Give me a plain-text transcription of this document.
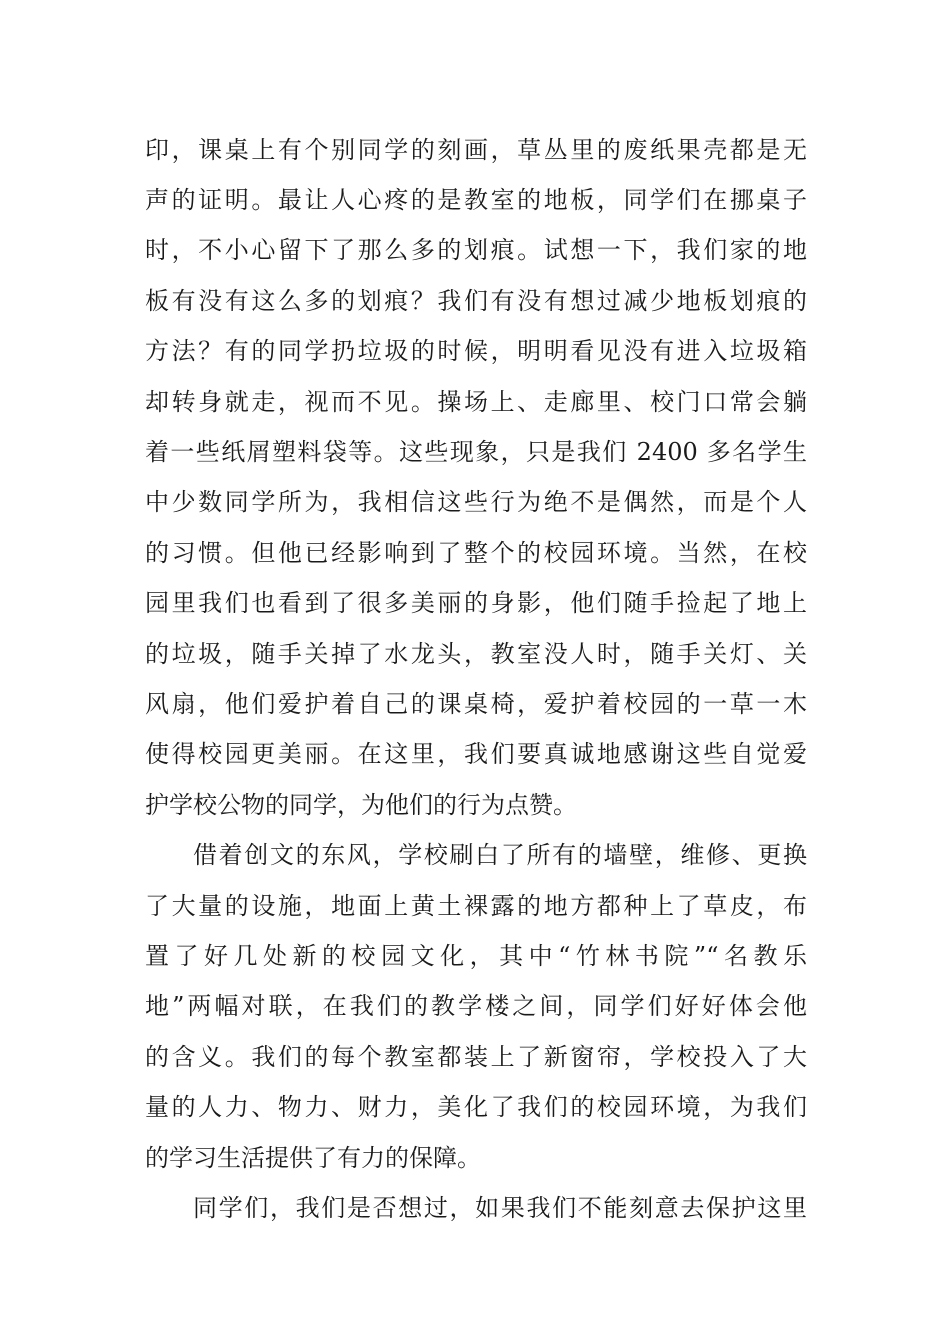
印，课桌上有个别同学的刻画，草丛里的废纸果壳都是无

声的证明。最让人心疼的是教室的地板，同学们在挪桌子

时，不小心留下了那么多的划痕。试想一下，我们家的地

板有没有这么多的划痕？我们有没有想过减少地板划痕的

方法？有的同学扔垃圾的时候，明明看见没有进入垃圾箱

却转身就走，视而不见。操场上、走廊里、校门口常会躺

着一些纸屑塑料袋等。这些现象，只是我们 2400 多名学生

中少数同学所为，我相信这些行为绝不是偶然，而是个人

的习惯。但他已经影响到了整个的校园环境。当然，在校

园里我们也看到了很多美丽的身影，他们随手捡起了地上

的垃圾，随手关掉了水龙头，教室没人时，随手关灯、关

风扇，他们爱护着自己的课桌椅，爱护着校园的一草一木

使得校园更美丽。在这里，我们要真诚地感谢这些自觉爱

护学校公物的同学，为他们的行为点赞。

借着创文的东风，学校刷白了所有的墙壁，维修、更换

了大量的设施，地面上黄土裸露的地方都种上了草皮，布

置了好几处新的校园文化，其中“竹林书院”“名教乐

地”两幅对联，在我们的教学楼之间，同学们好好体会他

的含义。我们的每个教室都装上了新窗帘，学校投入了大

量的人力、物力、财力，美化了我们的校园环境，为我们

的学习生活提供了有力的保障。

同学们，我们是否想过，如果我们不能刻意去保护这里
